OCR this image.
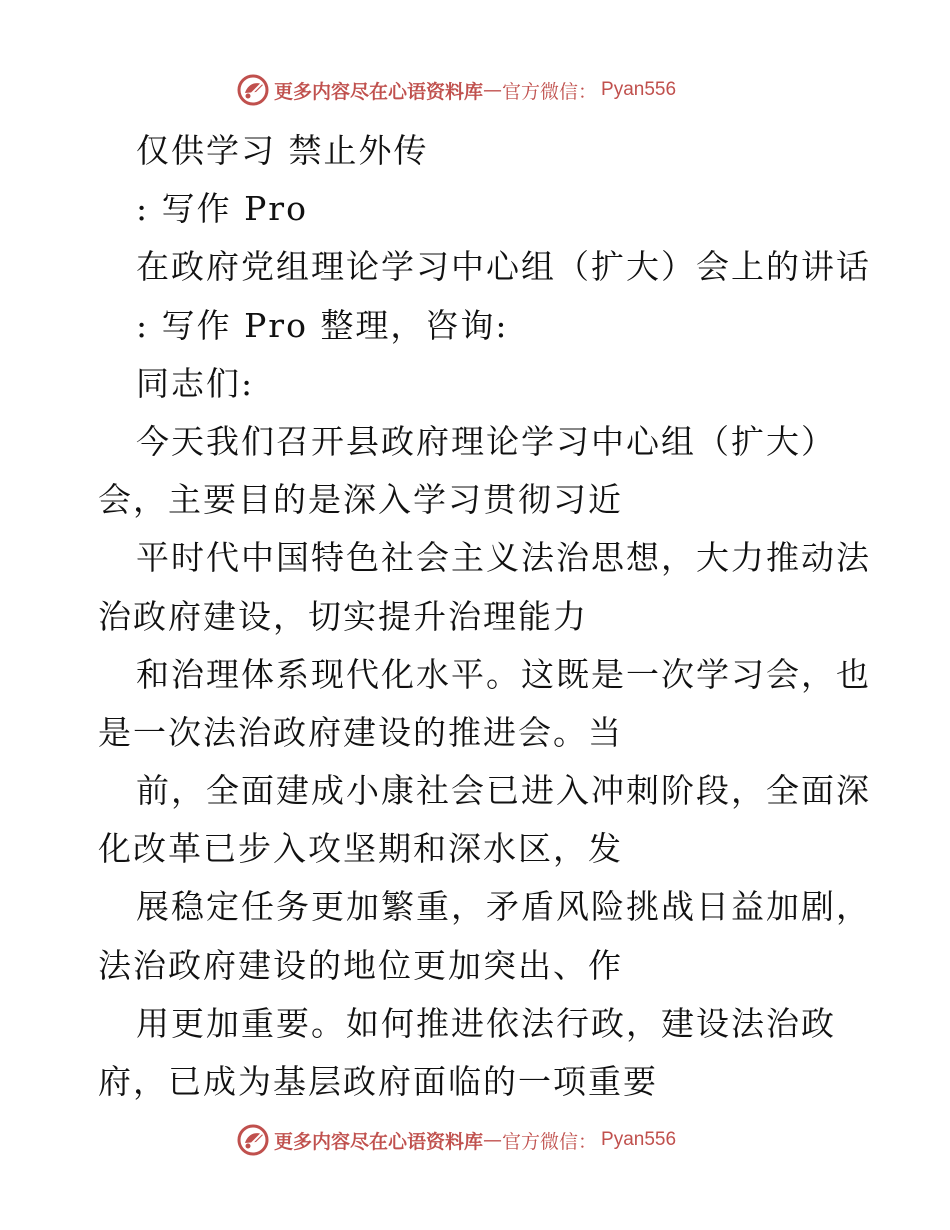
更多内容尽在心语资料库 — 官方微信： Pyan556
仅供学习 禁止外传
: 写作 Pro
在政府党组理论学习中心组（扩大）会上的讲话
: 写作 Pro 整理，咨询:
同志们:
今天我们召开县政府理论学习中心组（扩大）
会，主要目的是深入学习贯彻习近
平时代中国特色社会主义法治思想，大力推动法
治政府建设，切实提升治理能力
和治理体系现代化水平。这既是一次学习会，也
是一次法治政府建设的推进会。当
前，全面建成小康社会已进入冲刺阶段，全面深
化改革已步入攻坚期和深水区，发
展稳定任务更加繁重，矛盾风险挑战日益加剧，
法治政府建设的地位更加突出、作
用更加重要。如何推进依法行政，建设法治政
府，已成为基层政府面临的一项重要
更多内容尽在心语资料库 — 官方微信： Pyan556
